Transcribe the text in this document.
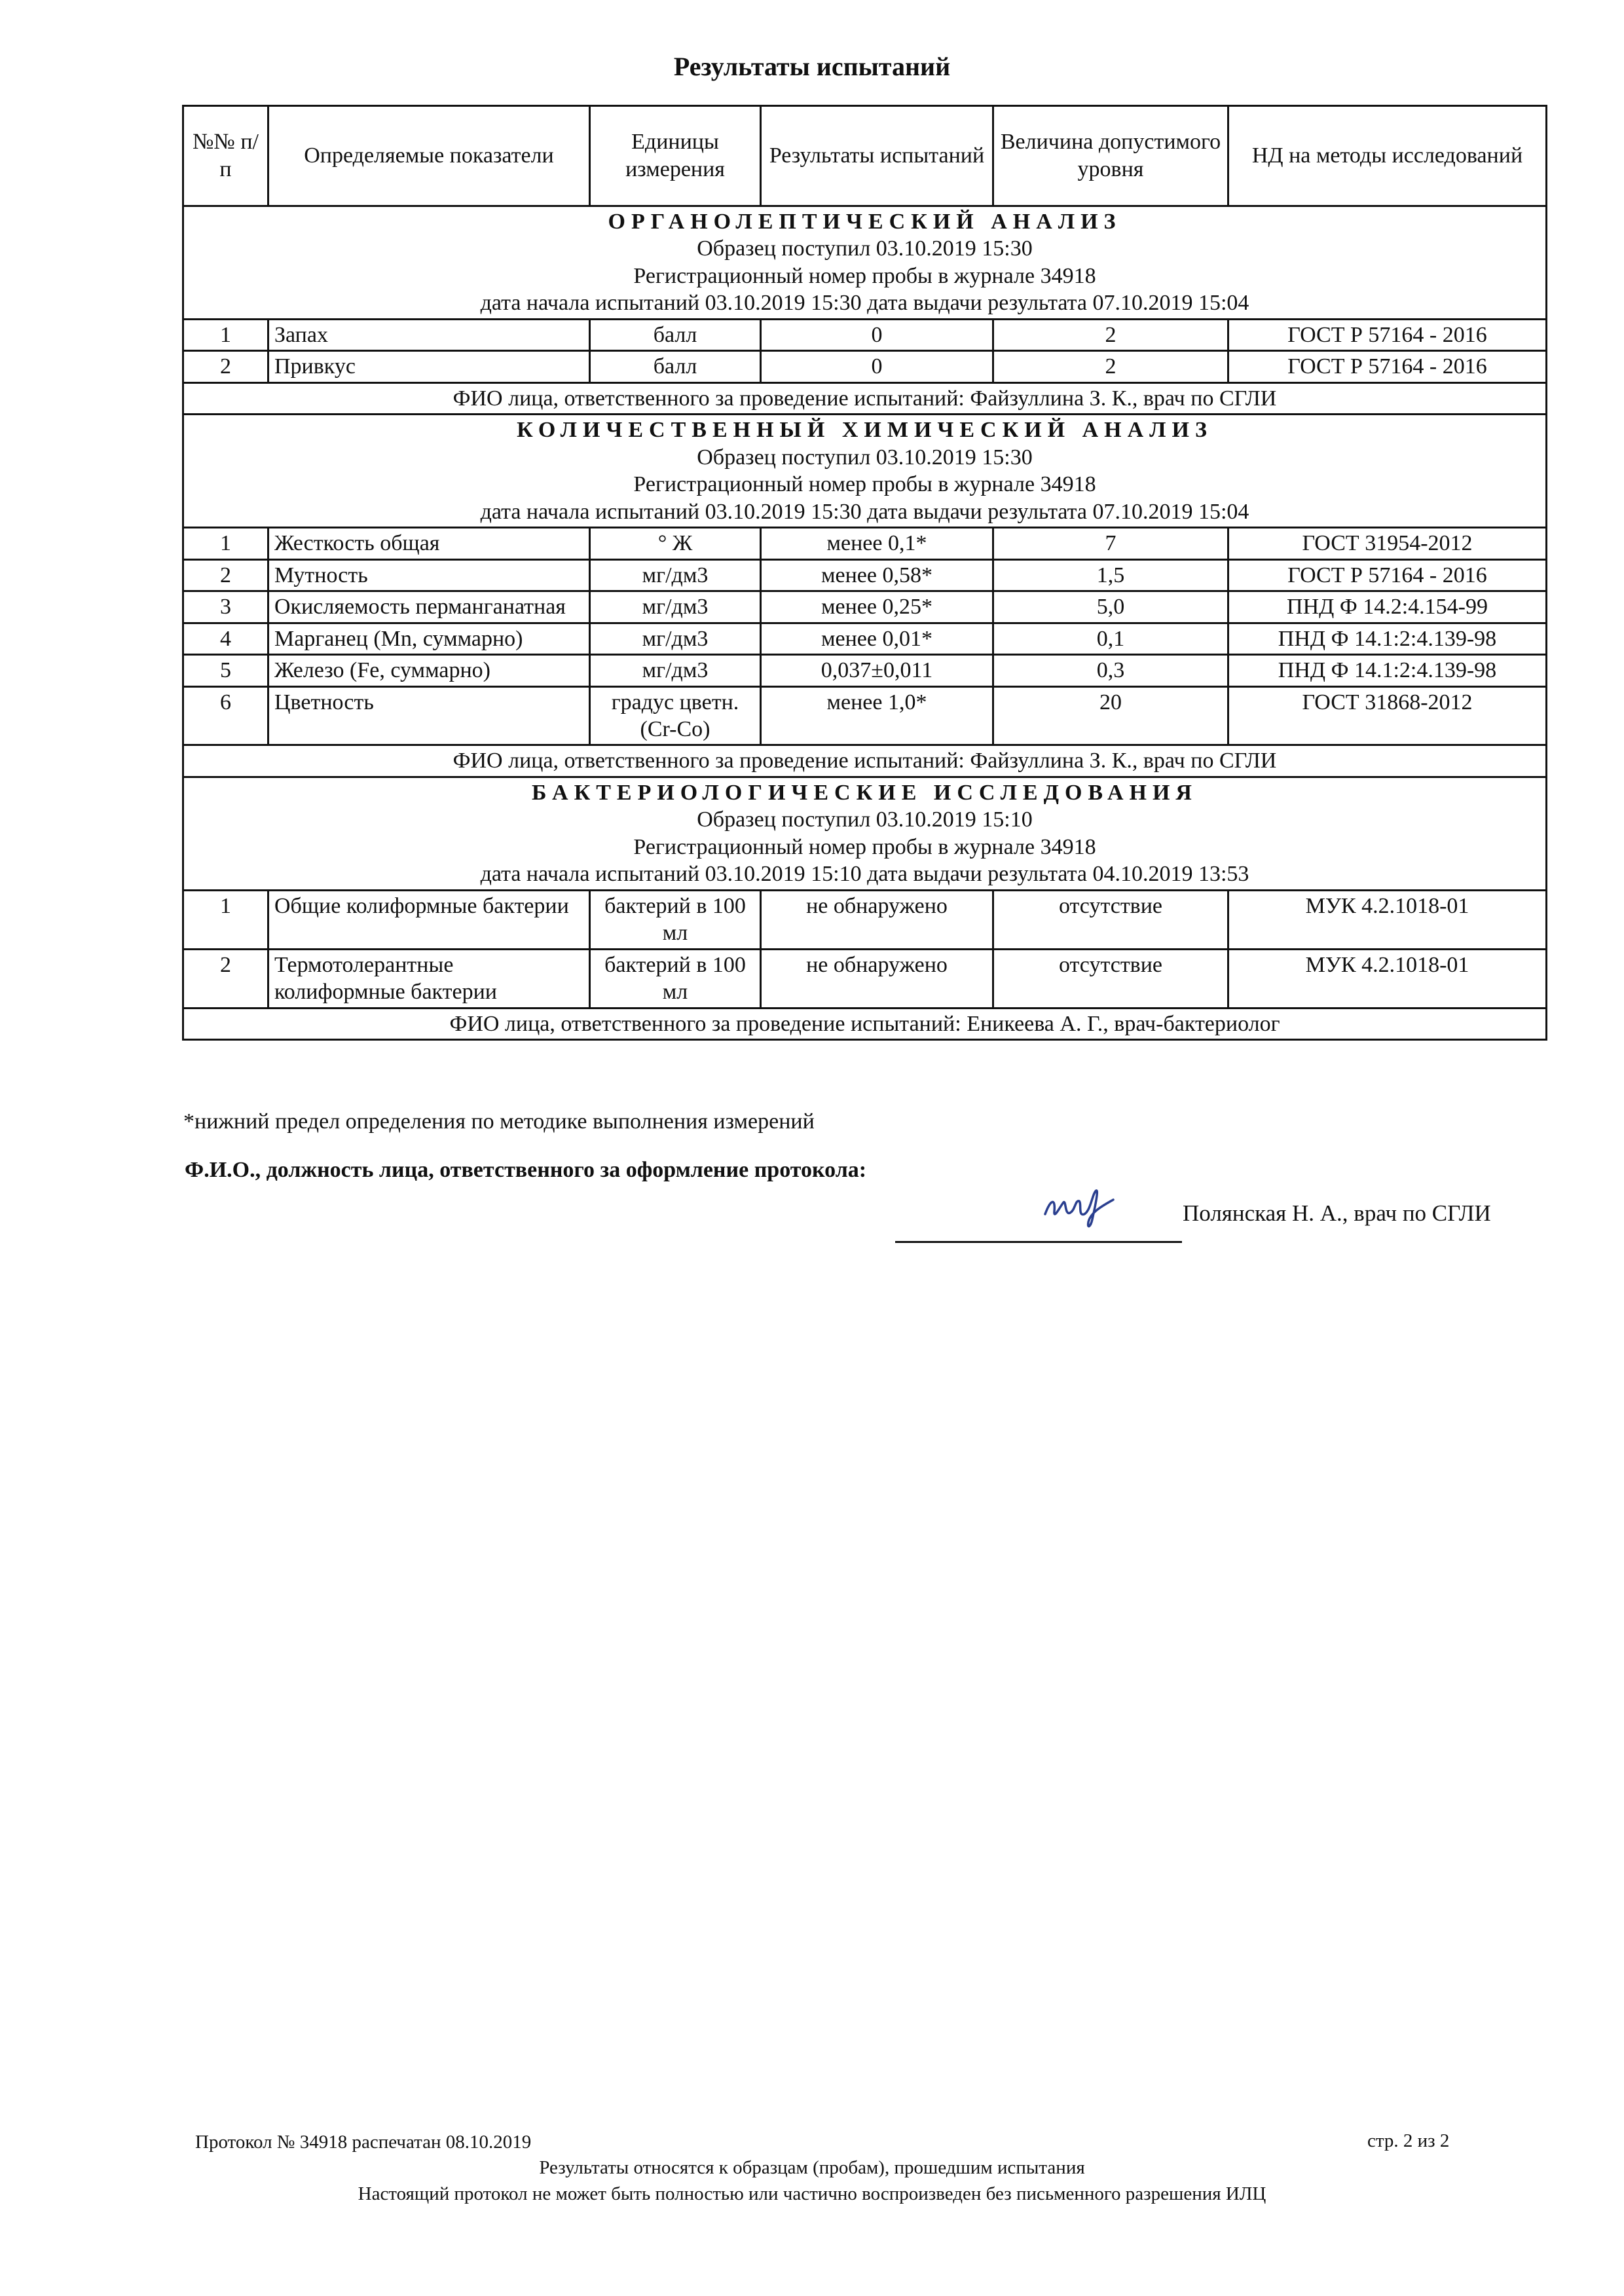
Результаты испытаний
№№ п/п	Определяемые показатели	Единицы измерения	Результаты испытаний	Величина допустимого уровня	НД на методы исследований

ОРГАНОЛЕПТИЧЕСКИЙ АНАЛИЗ
Образец поступил 03.10.2019 15:30
Регистрационный номер пробы в журнале 34918
дата начала испытаний 03.10.2019 15:30 дата выдачи результата 07.10.2019 15:04					

1	Запах	балл	0	2	ГОСТ Р 57164 - 2016
2	Привкус	балл	0	2	ГОСТ Р 57164 - 2016
ФИО лица, ответственного за проведение испытаний: Файзуллина З. К., врач по СГЛИ					

КОЛИЧЕСТВЕННЫЙ ХИМИЧЕСКИЙ АНАЛИЗ
Образец поступил 03.10.2019 15:30
Регистрационный номер пробы в журнале 34918
дата начала испытаний 03.10.2019 15:30 дата выдачи результата 07.10.2019 15:04					

1	Жесткость общая	° Ж	менее 0,1*	7	ГОСТ 31954-2012
2	Мутность	мг/дм3	менее 0,58*	1,5	ГОСТ Р 57164 - 2016
3	Окисляемость перманганатная	мг/дм3	менее 0,25*	5,0	ПНД Ф 14.2:4.154-99
4	Марганец (Mn, суммарно)	мг/дм3	менее 0,01*	0,1	ПНД Ф 14.1:2:4.139-98
5	Железо (Fe, суммарно)	мг/дм3	0,037±0,011	0,3	ПНД Ф 14.1:2:4.139-98
6	Цветность	градус цветн.(Cr-Co)	менее 1,0*	20	ГОСТ 31868-2012
ФИО лица, ответственного за проведение испытаний: Файзуллина З. К., врач по СГЛИ					

БАКТЕРИОЛОГИЧЕСКИЕ ИССЛЕДОВАНИЯ
Образец поступил 03.10.2019 15:10
Регистрационный номер пробы в журнале 34918
дата начала испытаний 03.10.2019 15:10 дата выдачи результата 04.10.2019 13:53					

1	Общие колиформные бактерии	бактерий в 100 мл	не обнаружено	отсутствие	МУК 4.2.1018-01
2	Термотолерантные колиформные бактерии	бактерий в 100 мл	не обнаружено	отсутствие	МУК 4.2.1018-01
ФИО лица, ответственного за проведение испытаний: Еникеева А. Г., врач-бактериолог					
*нижний предел определения по методике выполнения измерений
Ф.И.О., должность лица, ответственного за оформление протокола:
Полянская Н. А., врач по СГЛИ
Протокол № 34918 распечатан 08.10.2019	стр. 2 из 2
Результаты относятся к образцам (пробам), прошедшим испытания
Настоящий протокол не может быть полностью или частично воспроизведен без письменного разрешения ИЛЦ
